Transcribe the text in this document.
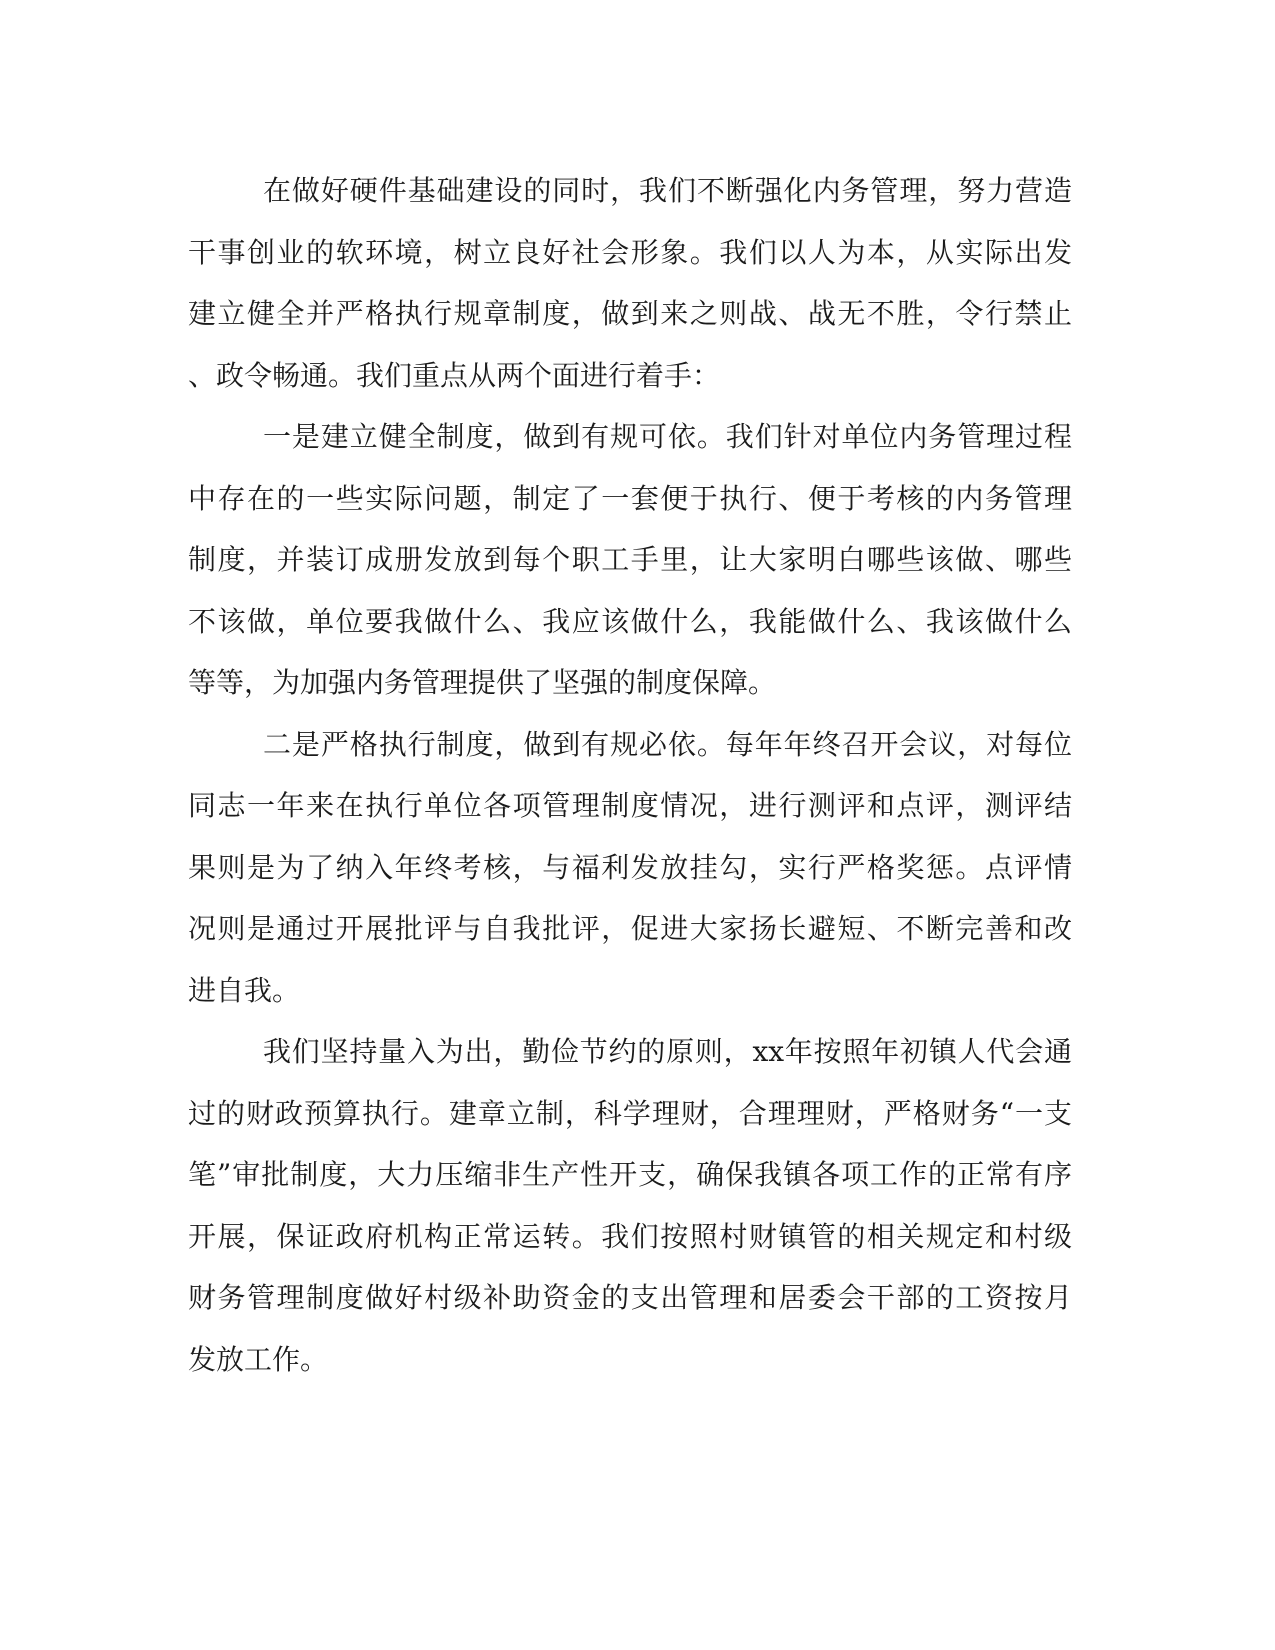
在做好硬件基础建设的同时，我们不断强化内务管理，努力营造
干事创业的软环境，树立良好社会形象。我们以人为本，从实际出发
建立健全并严格执行规章制度，做到来之则战、战无不胜，令行禁止
、政令畅通。我们重点从两个面进行着手：
一是建立健全制度，做到有规可依。我们针对单位内务管理过程
中存在的一些实际问题，制定了一套便于执行、便于考核的内务管理
制度，并装订成册发放到每个职工手里，让大家明白哪些该做、哪些
不该做，单位要我做什么、我应该做什么，我能做什么、我该做什么
等等，为加强内务管理提供了坚强的制度保障。
二是严格执行制度，做到有规必依。每年年终召开会议，对每位
同志一年来在执行单位各项管理制度情况，进行测评和点评，测评结
果则是为了纳入年终考核，与福利发放挂勾，实行严格奖惩。点评情
况则是通过开展批评与自我批评，促进大家扬长避短、不断完善和改
进自我。
我们坚持量入为出，勤俭节约的原则，xx年按照年初镇人代会通
过的财政预算执行。建章立制，科学理财，合理理财，严格财务“一支
笔”审批制度，大力压缩非生产性开支，确保我镇各项工作的正常有序
开展，保证政府机构正常运转。我们按照村财镇管的相关规定和村级
财务管理制度做好村级补助资金的支出管理和居委会干部的工资按月
发放工作。
